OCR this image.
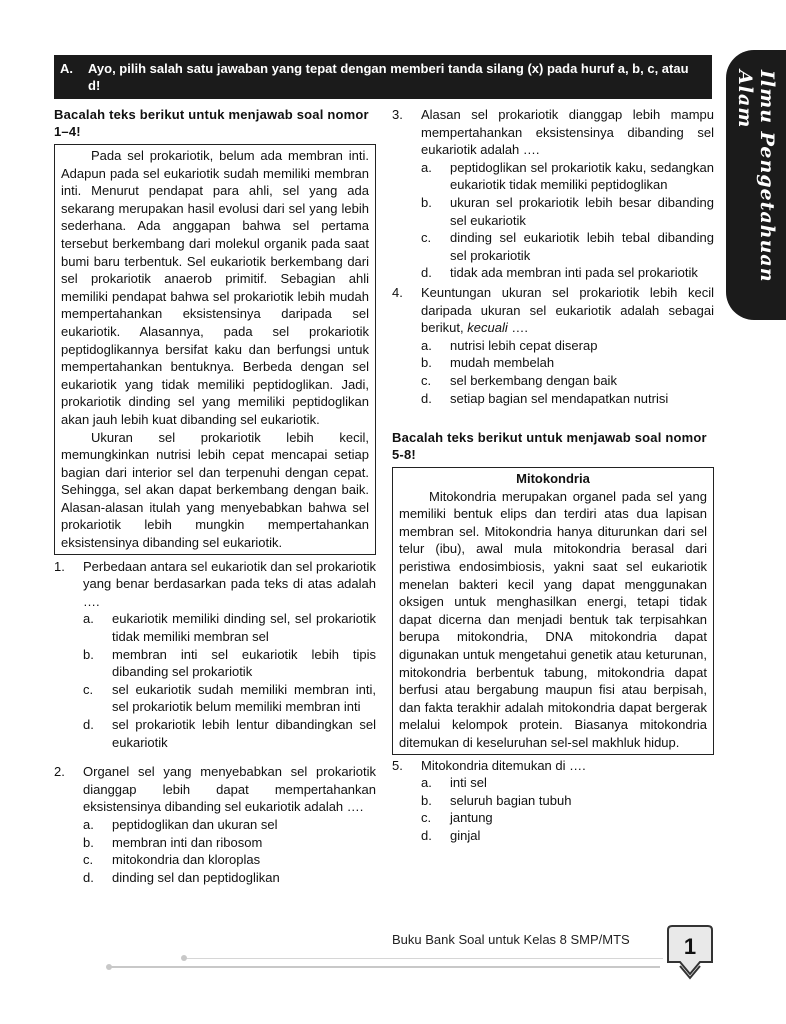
A. Ayo, pilih salah satu jawaban yang tepat dengan memberi tanda silang (x) pada huruf a, b, c, atau d!	Ilmu Pengetahuan Alam
Bacalah teks berikut untuk menjawab soal nomor 1–4!

Pada sel prokariotik, belum ada membran inti. Adapun pada sel eukariotik sudah memiliki membran inti. Menurut pendapat para ahli, sel yang ada sekarang merupakan hasil evolusi dari sel yang lebih sederhana. Ada anggapan bahwa sel pertama tersebut berkembang dari molekul organik pada saat bumi baru terbentuk. Sel eukariotik berkembang dari sel prokariotik anaerob primitif. Sebagian ahli memiliki pendapat bahwa sel prokariotik lebih mudah mempertahankan eksistensinya daripada sel eukariotik. Alasannya, pada sel prokariotik peptidoglikannya bersifat kaku dan berfungsi untuk mempertahankan bentuknya. Berbeda dengan sel eukariotik yang tidak memiliki peptidoglikan. Jadi, prokariotik dinding sel yang memiliki peptidoglikan akan jauh lebih kuat dibanding sel eukariotik.

Ukuran sel prokariotik lebih kecil, memungkinkan nutrisi lebih cepat mencapai setiap bagian dari interior sel dan terpenuhi dengan cepat. Sehingga, sel akan dapat berkembang dengan baik. Alasan-alasan itulah yang menyebabkan bahwa sel prokariotik lebih mungkin mempertahankan eksistensinya dibanding sel eukariotik.

1. Perbedaan antara sel eukariotik dan sel prokariotik yang benar berdasarkan pada teks di atas adalah ….
a. eukariotik memiliki dinding sel, sel prokariotik tidak memiliki membran sel
b. membran inti sel eukariotik lebih tipis dibanding sel prokariotik
c. sel eukariotik sudah memiliki membran inti, sel prokariotik belum memiliki membran inti
d. sel prokariotik lebih lentur dibandingkan sel eukariotik
2. Organel sel yang menyebabkan sel prokariotik dianggap lebih dapat mempertahankan eksistensinya dibanding sel eukariotik adalah ….
a. peptidoglikan dan ukuran sel
b. membran inti dan ribosom
c. mitokondria dan kloroplas
d. dinding sel dan peptidoglikan
3. Alasan sel prokariotik dianggap lebih mampu mempertahankan eksistensinya dibanding sel eukariotik adalah ….
a. peptidoglikan sel prokariotik kaku, sedangkan eukariotik tidak memiliki peptidoglikan
b. ukuran sel prokariotik lebih besar dibanding sel eukariotik
c. dinding sel eukariotik lebih tebal dibanding sel prokariotik
d. tidak ada membran inti pada sel prokariotik
4. Keuntungan ukuran sel prokariotik lebih kecil daripada ukuran sel eukariotik adalah sebagai berikut, kecuali ….
a. nutrisi lebih cepat diserap
b. mudah membelah
c. sel berkembang dengan baik
d. setiap bagian sel mendapatkan nutrisi
Bacalah teks berikut untuk menjawab soal nomor 5-8!

Mitokondria

Mitokondria merupakan organel pada sel yang memiliki bentuk elips dan terdiri atas dua lapisan membran sel. Mitokondria hanya diturunkan dari sel telur (ibu), awal mula mitokondria berasal dari peristiwa endosimbiosis, yakni saat sel eukariotik menelan bakteri kecil yang dapat menggunakan oksigen untuk menghasilkan energi, tetapi tidak dapat dicerna dan menjadi bentuk tak terpisahkan berupa mitokondria, DNA mitokondria dapat digunakan untuk mengetahui genetik atau keturunan, mitokondria berbentuk tabung, mitokondria dapat berfusi atau bergabung maupun fisi atau berpisah, dan fakta terakhir adalah mitokondria dapat bergerak melalui kelompok protein. Biasanya mitokondria ditemukan di keseluruhan sel-sel makhluk hidup.

5. Mitokondria ditemukan di ….
a. inti sel
b. seluruh bagian tubuh
c. jantung
d. ginjal
Buku Bank Soal untuk Kelas 8 SMP/MTS	1
